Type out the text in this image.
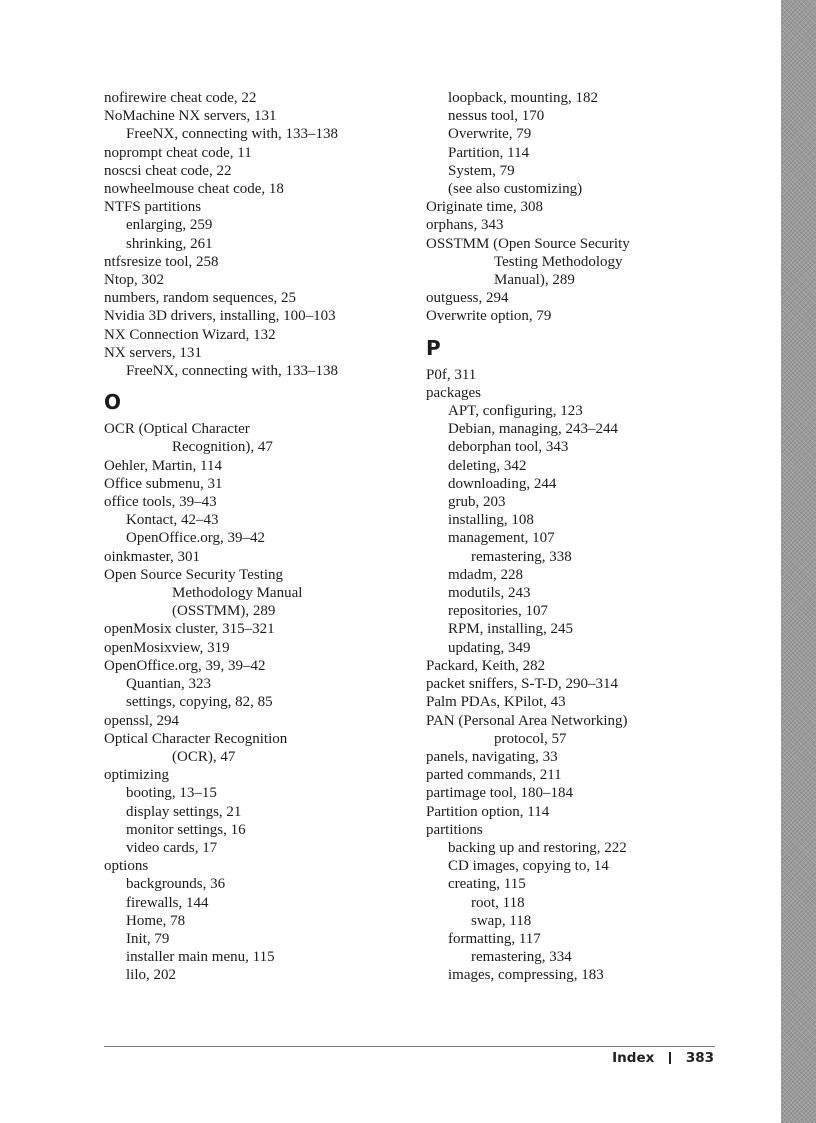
nofirewire cheat code, 22
NoMachine NX servers, 131
FreeNX, connecting with, 133–138
noprompt cheat code, 11
noscsi cheat code, 22
nowheelmouse cheat code, 18
NTFS partitions
enlarging, 259
shrinking, 261
ntfsresize tool, 258
Ntop, 302
numbers, random sequences, 25
Nvidia 3D drivers, installing, 100–103
NX Connection Wizard, 132
NX servers, 131
FreeNX, connecting with, 133–138
O
OCR (Optical Character
Recognition), 47
Oehler, Martin, 114
Office submenu, 31
office tools, 39–43
Kontact, 42–43
OpenOffice.org, 39–42
oinkmaster, 301
Open Source Security Testing
Methodology Manual
(OSSTMM), 289
openMosix cluster, 315–321
openMosixview, 319
OpenOffice.org, 39, 39–42
Quantian, 323
settings, copying, 82, 85
openssl, 294
Optical Character Recognition
(OCR), 47
optimizing
booting, 13–15
display settings, 21
monitor settings, 16
video cards, 17
options
backgrounds, 36
firewalls, 144
Home, 78
Init, 79
installer main menu, 115
lilo, 202
loopback, mounting, 182
nessus tool, 170
Overwrite, 79
Partition, 114
System, 79
(see also customizing)
Originate time, 308
orphans, 343
OSSTMM (Open Source Security
Testing Methodology
Manual), 289
outguess, 294
Overwrite option, 79
P
P0f, 311
packages
APT, configuring, 123
Debian, managing, 243–244
deborphan tool, 343
deleting, 342
downloading, 244
grub, 203
installing, 108
management, 107
remastering, 338
mdadm, 228
modutils, 243
repositories, 107
RPM, installing, 245
updating, 349
Packard, Keith, 282
packet sniffers, S-T-D, 290–314
Palm PDAs, KPilot, 43
PAN (Personal Area Networking)
protocol, 57
panels, navigating, 33
parted commands, 211
partimage tool, 180–184
Partition option, 114
partitions
backing up and restoring, 222
CD images, copying to, 14
creating, 115
root, 118
swap, 118
formatting, 117
remastering, 334
images, compressing, 183
Index 383
